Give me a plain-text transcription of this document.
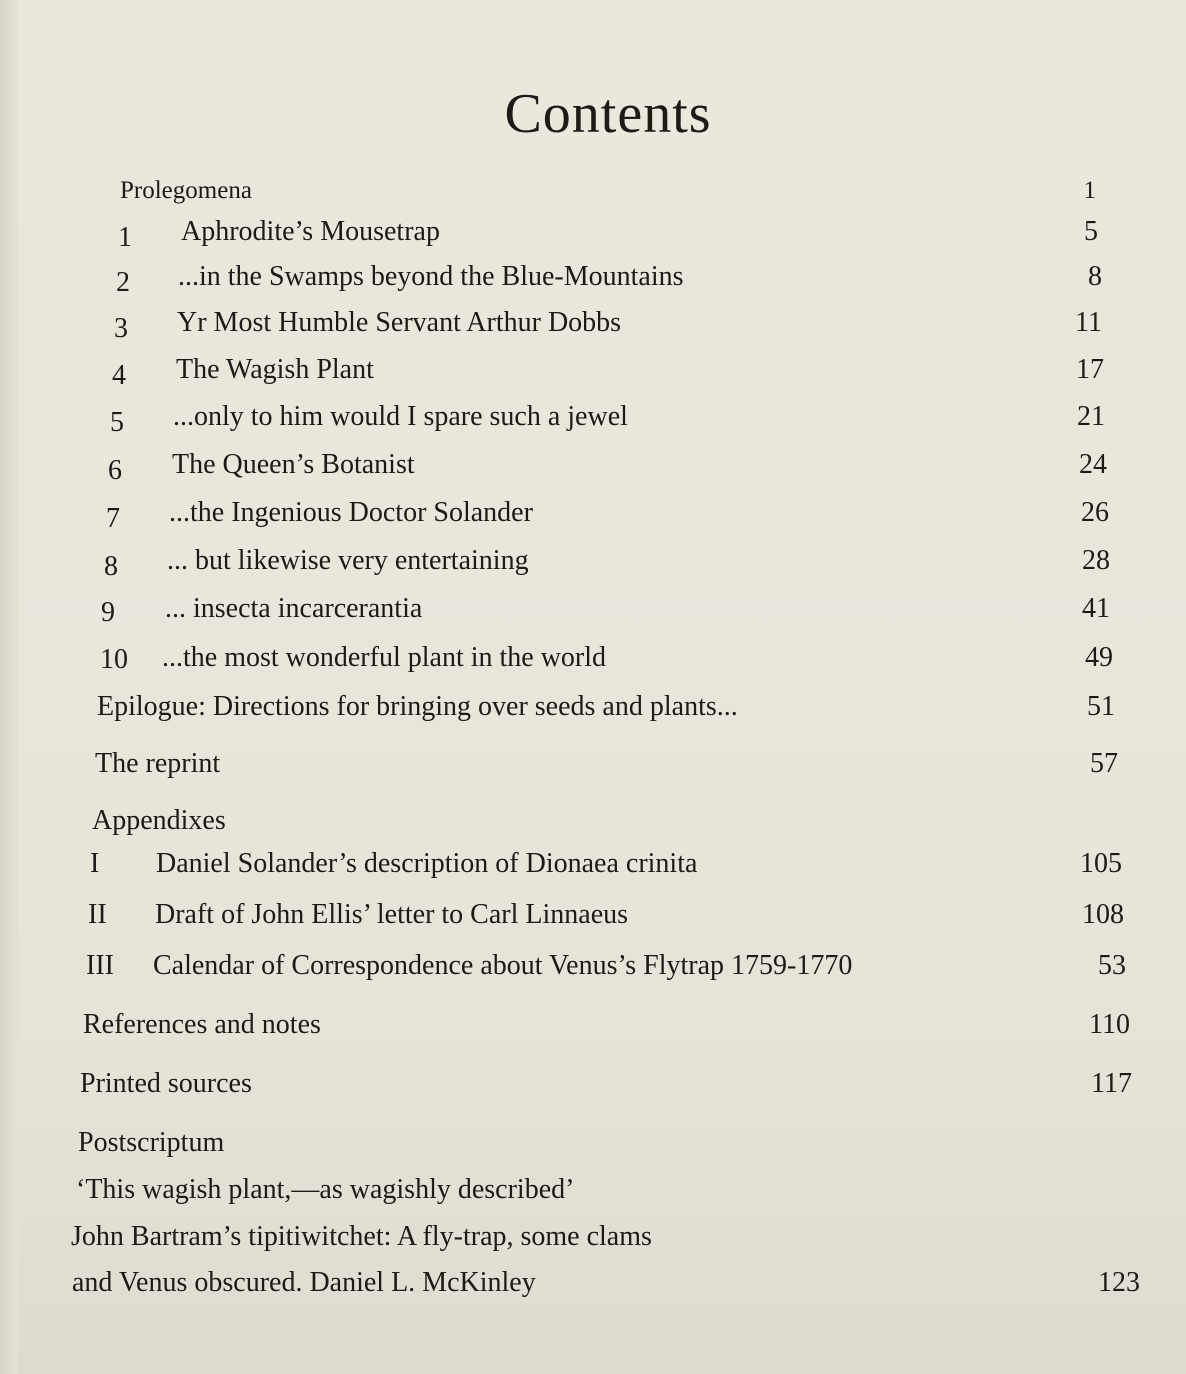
Contents
Prolegomena	1
1 Aphrodite’s Mousetrap	5
2 ...in the Swamps beyond the Blue-Mountains	8
3 Yr Most Humble Servant Arthur Dobbs	11
4 The Wagish Plant	17
5 ...only to him would I spare such a jewel	21
6 The Queen’s Botanist	24
7 ...the Ingenious Doctor Solander	26
8 ... but likewise very entertaining	28
9 ... insecta incarcerantia	41
10 ...the most wonderful plant in the world	49
Epilogue: Directions for bringing over seeds and plants...	51
The reprint	57
Appendixes
I Daniel Solander’s description of Dionaea crinita	105
II Draft of John Ellis’ letter to Carl Linnaeus	108
III Calendar of Correspondence about Venus’s Flytrap 1759-1770	53
References and notes	110
Printed sources	117
Postscriptum
‘This wagish plant,—as wagishly described’
John Bartram’s tipitiwitchet: A fly-trap, some clams
and Venus obscured. Daniel L. McKinley	123
